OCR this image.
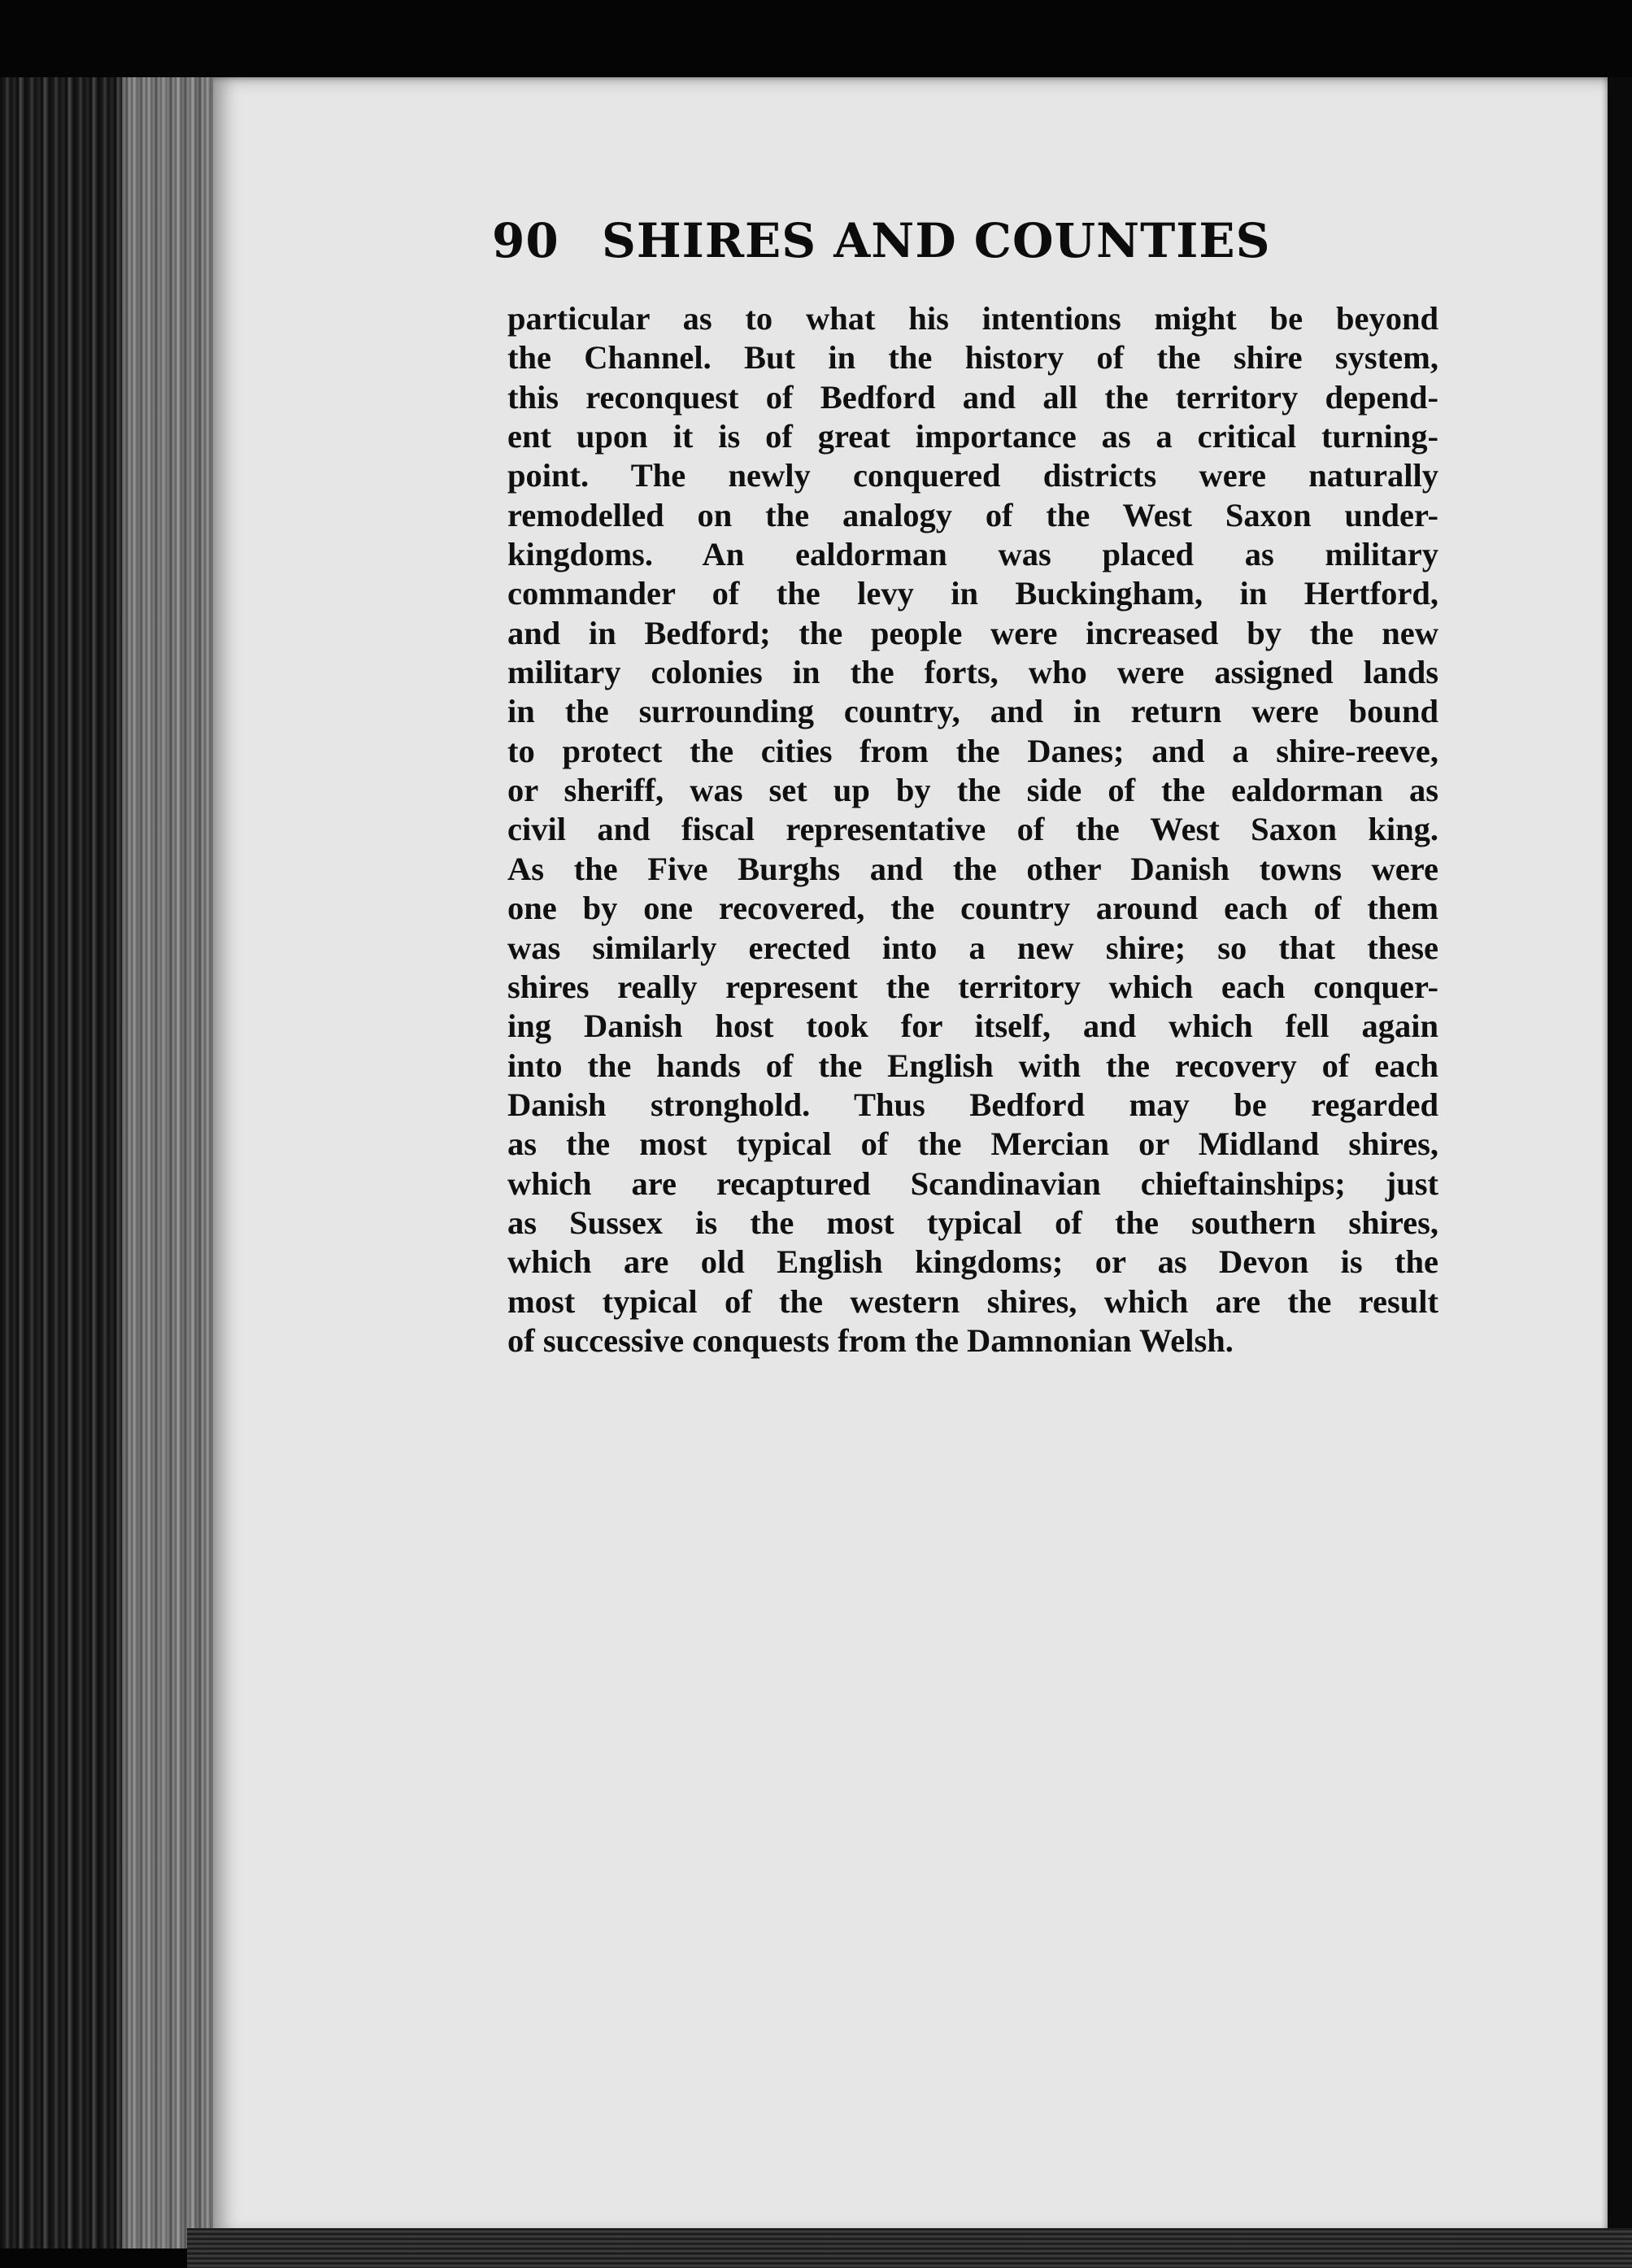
90 SHIRES AND COUNTIES
particular as to what his intentions might be beyond
the Channel. But in the history of the shire system,
this reconquest of Bedford and all the territory depend-
ent upon it is of great importance as a critical turning-
point. The newly conquered districts were naturally
remodelled on the analogy of the West Saxon under-
kingdoms. An ealdorman was placed as military
commander of the levy in Buckingham, in Hertford,
and in Bedford; the people were increased by the new
military colonies in the forts, who were assigned lands
in the surrounding country, and in return were bound
to protect the cities from the Danes; and a shire-reeve,
or sheriff, was set up by the side of the ealdorman as
civil and fiscal representative of the West Saxon king.
As the Five Burghs and the other Danish towns were
one by one recovered, the country around each of them
was similarly erected into a new shire; so that these
shires really represent the territory which each conquer-
ing Danish host took for itself, and which fell again
into the hands of the English with the recovery of each
Danish stronghold. Thus Bedford may be regarded
as the most typical of the Mercian or Midland shires,
which are recaptured Scandinavian chieftainships; just
as Sussex is the most typical of the southern shires,
which are old English kingdoms; or as Devon is the
most typical of the western shires, which are the result
of successive conquests from the Damnonian Welsh.
